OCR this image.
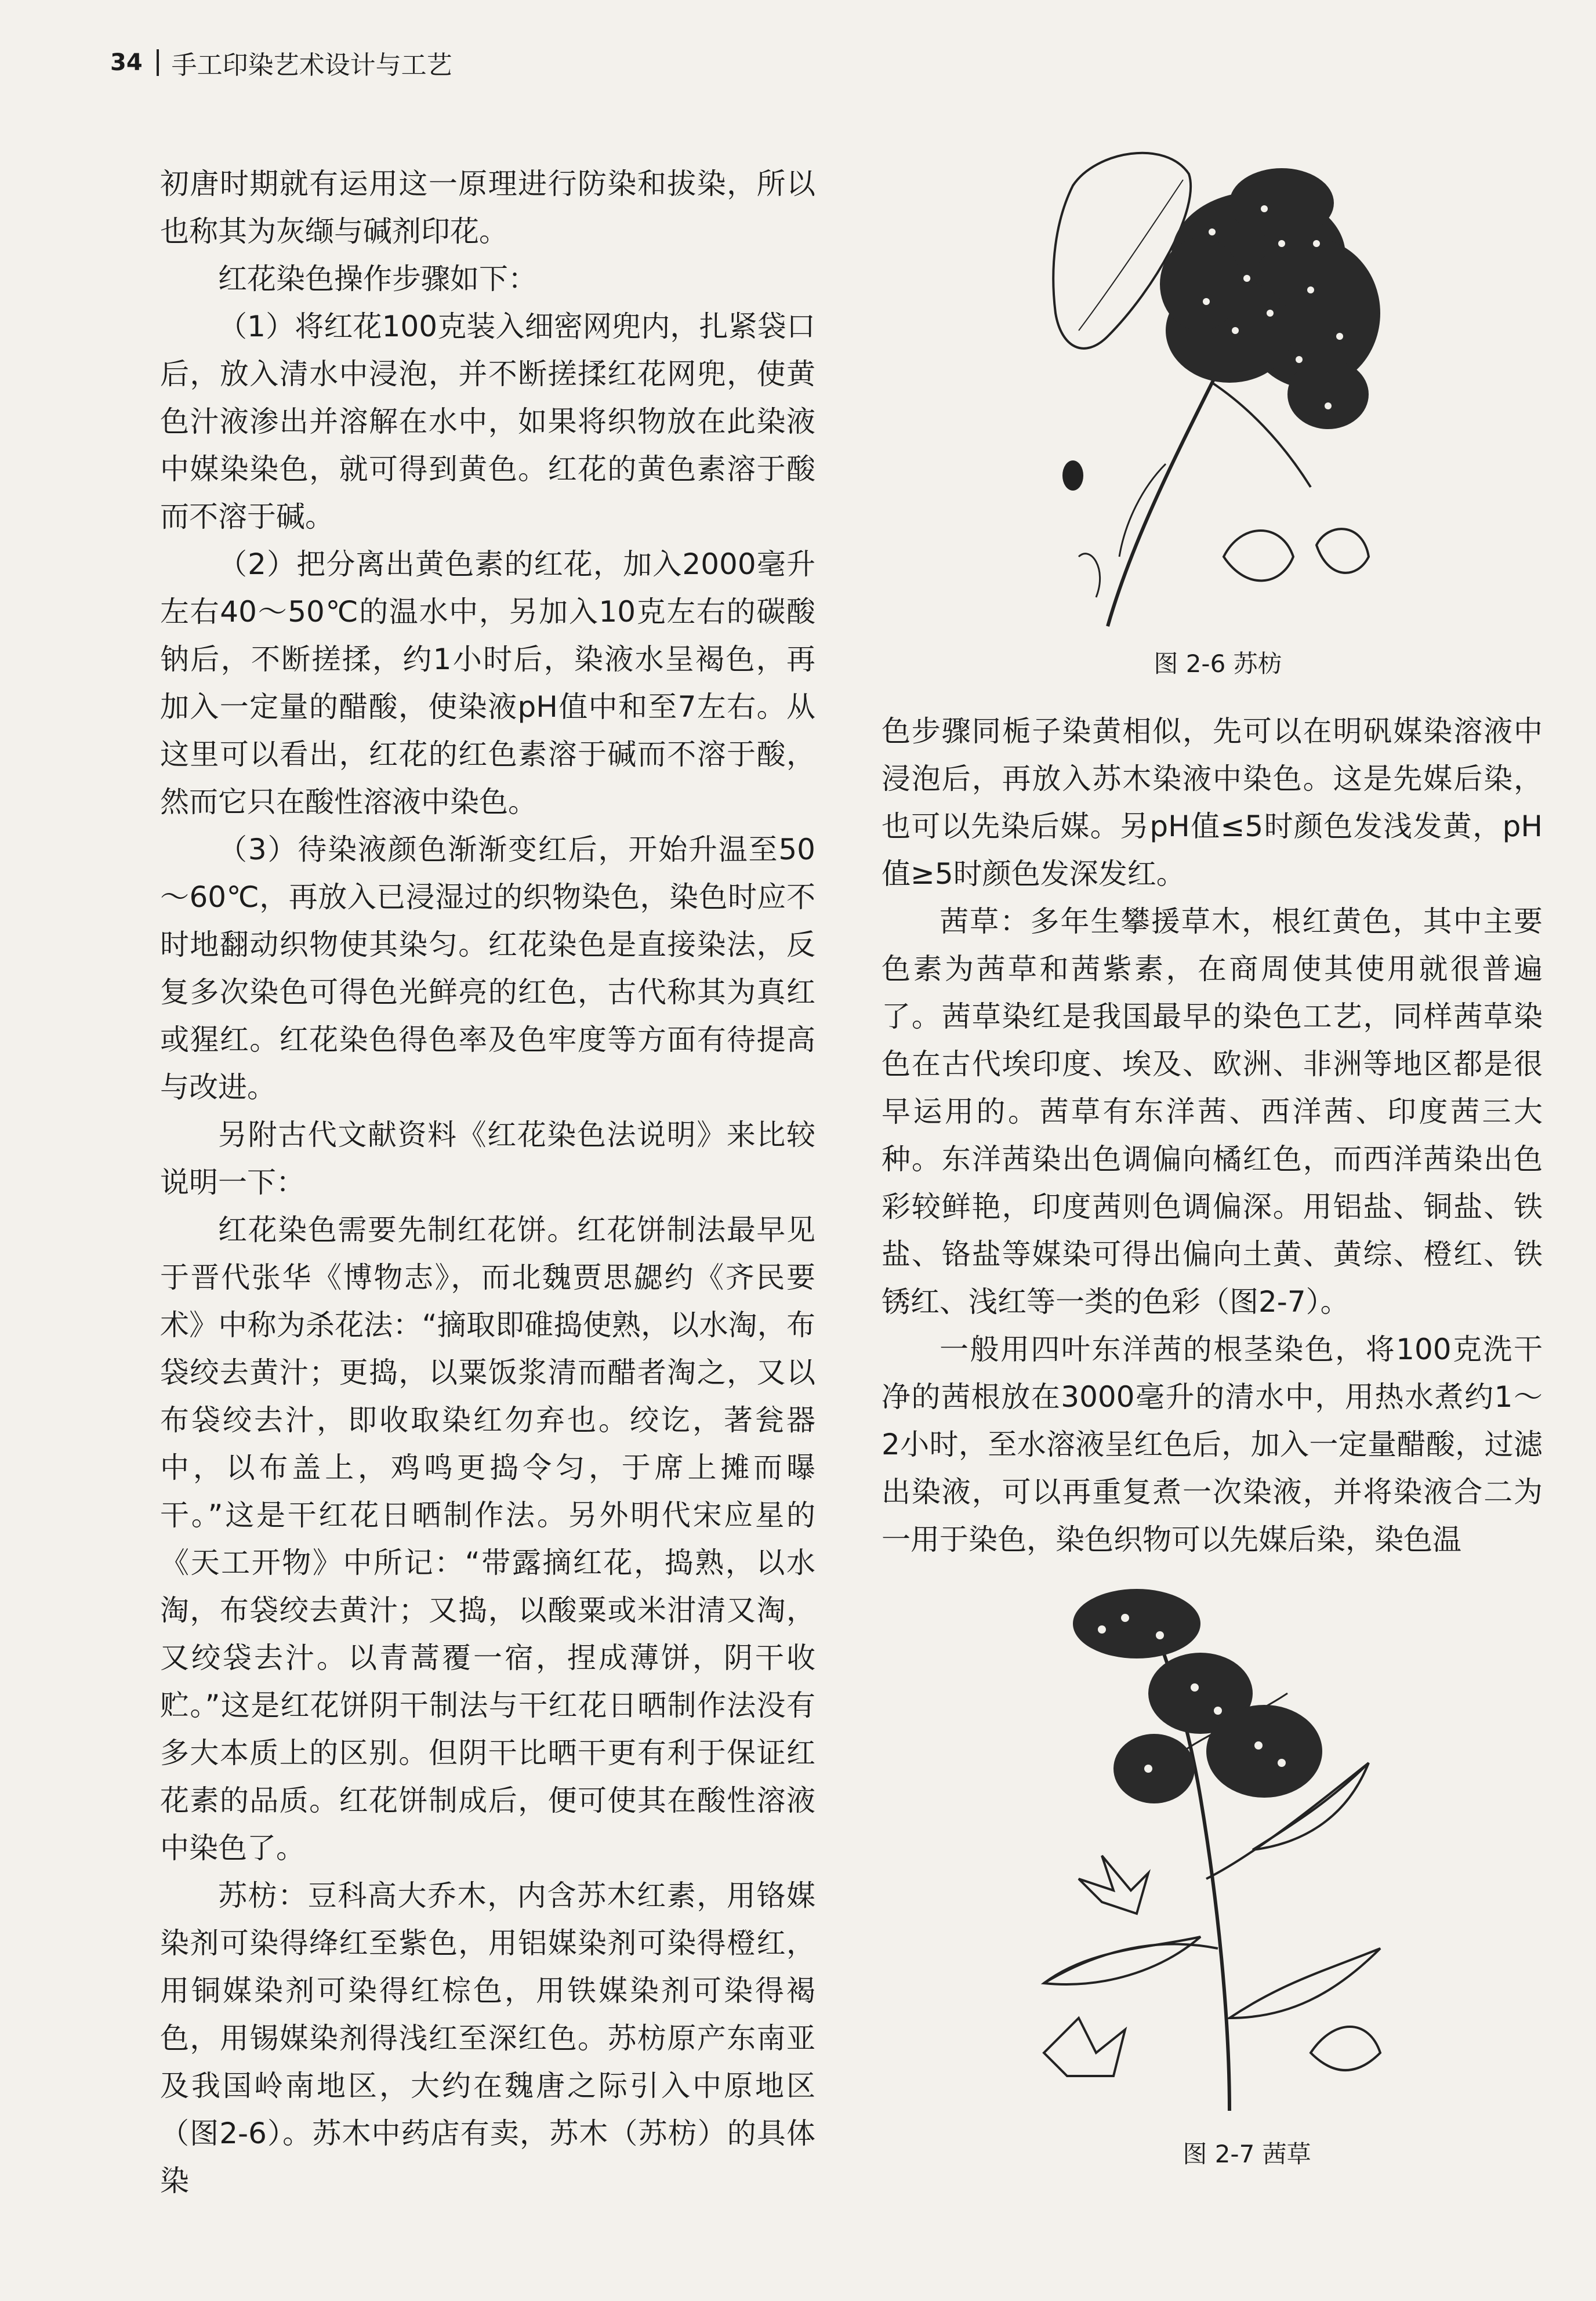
34 手工印染艺术设计与工艺

初唐时期就有运用这一原理进行防染和拔染，所以也称其为灰缬与碱剂印花。

红花染色操作步骤如下：

（1）将红花100克装入细密网兜内，扎紧袋口后，放入清水中浸泡，并不断搓揉红花网兜，使黄色汁液渗出并溶解在水中，如果将织物放在此染液中媒染染色，就可得到黄色。红花的黄色素溶于酸而不溶于碱。

（2）把分离出黄色素的红花，加入2000毫升左右40～50℃的温水中，另加入10克左右的碳酸钠后，不断搓揉，约1小时后，染液水呈褐色，再加入一定量的醋酸，使染液pH值中和至7左右。从这里可以看出，红花的红色素溶于碱而不溶于酸，然而它只在酸性溶液中染色。

（3）待染液颜色渐渐变红后，开始升温至50～60℃，再放入已浸湿过的织物染色，染色时应不时地翻动织物使其染匀。红花染色是直接染法，反复多次染色可得色光鲜亮的红色，古代称其为真红或猩红。红花染色得色率及色牢度等方面有待提高与改进。

另附古代文献资料《红花染色法说明》来比较说明一下：

红花染色需要先制红花饼。红花饼制法最早见于晋代张华《博物志》，而北魏贾思勰约《齐民要术》中称为杀花法：“摘取即碓捣使熟，以水淘，布袋绞去黄汁；更捣，以粟饭浆清而醋者淘之，又以布袋绞去汁，即收取染红勿弃也。绞讫，著瓮器中，以布盖上，鸡鸣更捣令匀，于席上摊而曝干。”这是干红花日晒制作法。另外明代宋应星的《天工开物》中所记：“带露摘红花，捣熟，以水淘，布袋绞去黄汁；又捣，以酸粟或米泔清又淘，又绞袋去汁。以青蒿覆一宿，捏成薄饼，阴干收贮。”这是红花饼阴干制法与干红花日晒制作法没有多大本质上的区别。但阴干比晒干更有利于保证红花素的品质。红花饼制成后，便可使其在酸性溶液中染色了。

苏枋：豆科高大乔木，内含苏木红素，用铬媒染剂可染得绛红至紫色，用铝媒染剂可染得橙红，用铜媒染剂可染得红棕色，用铁媒染剂可染得褐色，用锡媒染剂得浅红至深红色。苏枋原产东南亚及我国岭南地区，大约在魏唐之际引入中原地区（图2-6）。苏木中药店有卖，苏木（苏枋）的具体染

图 2-6 苏枋

色步骤同栀子染黄相似，先可以在明矾媒染溶液中浸泡后，再放入苏木染液中染色。这是先媒后染，也可以先染后媒。另pH值≤5时颜色发浅发黄，pH值≥5时颜色发深发红。

茜草：多年生攀援草木，根红黄色，其中主要色素为茜草和茜紫素，在商周使其使用就很普遍了。茜草染红是我国最早的染色工艺，同样茜草染色在古代埃印度、埃及、欧洲、非洲等地区都是很早运用的。茜草有东洋茜、西洋茜、印度茜三大种。东洋茜染出色调偏向橘红色，而西洋茜染出色彩较鲜艳，印度茜则色调偏深。用铝盐、铜盐、铁盐、铬盐等媒染可得出偏向土黄、黄综、橙红、铁锈红、浅红等一类的色彩（图2-7）。

一般用四叶东洋茜的根茎染色，将100克洗干净的茜根放在3000毫升的清水中，用热水煮约1～2小时，至水溶液呈红色后，加入一定量醋酸，过滤出染液，可以再重复煮一次染液，并将染液合二为一用于染色，染色织物可以先媒后染，染色温

图 2-7 茜草
